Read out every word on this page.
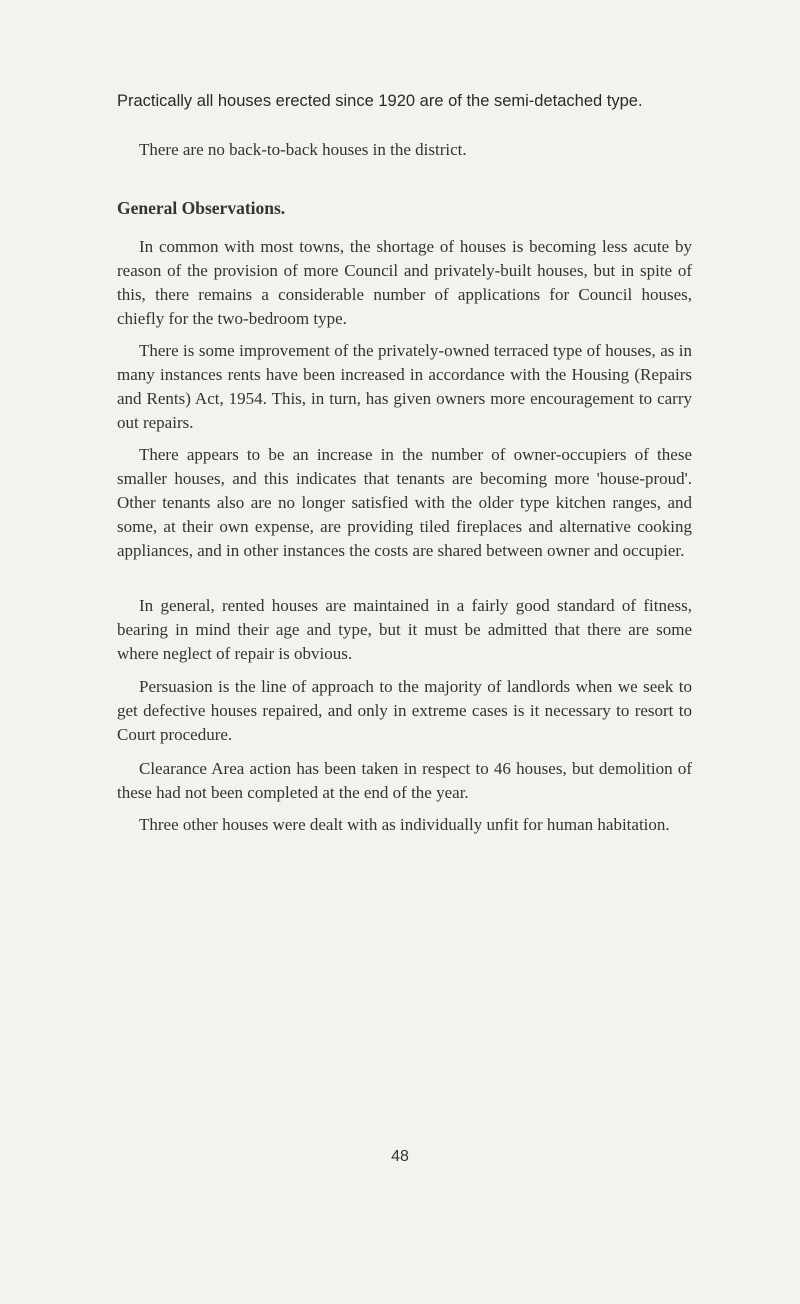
Practically all houses erected since 1920 are of the semi-detached type.

There are no back-to-back houses in the district.

General Observations.

In common with most towns, the shortage of houses is becoming less acute by reason of the provision of more Council and privately-built houses, but in spite of this, there remains a considerable number of applications for Council houses, chiefly for the two-bedroom type.

There is some improvement of the privately-owned terraced type of houses, as in many instances rents have been increased in accordance with the Housing (Repairs and Rents) Act, 1954. This, in turn, has given owners more encouragement to carry out repairs.

There appears to be an increase in the number of owner-occupiers of these smaller houses, and this indicates that tenants are becoming more 'house-proud'. Other tenants also are no longer satisfied with the older type kitchen ranges, and some, at their own expense, are providing tiled fireplaces and alternative cooking appliances, and in other instances the costs are shared between owner and occupier.

In general, rented houses are maintained in a fairly good standard of fitness, bearing in mind their age and type, but it must be admitted that there are some where neglect of repair is obvious.

Persuasion is the line of approach to the majority of landlords when we seek to get defective houses repaired, and only in extreme cases is it necessary to resort to Court procedure.

Clearance Area action has been taken in respect to 46 houses, but demolition of these had not been completed at the end of the year.

Three other houses were dealt with as individually unfit for human habitation.

48
